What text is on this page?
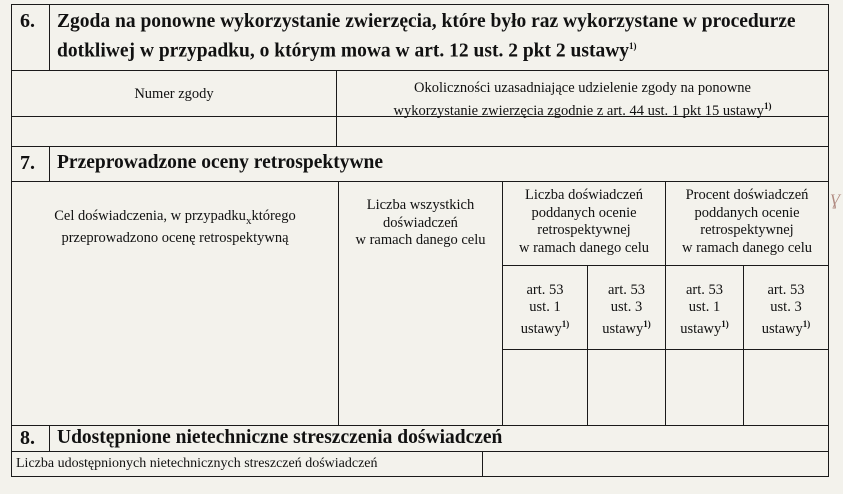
6. Zgoda na ponowne wykorzystanie zwierzęcia, które było raz wykorzystane w procedurze
dotkliwej w przypadku, o którym mowa w art. 12 ust. 2 pkt 2 ustawy$^{1)}$
Numer zgody	Okoliczności uzasadniające udzielenie zgody na ponowne
wykorzystanie zwierzęcia zgodnie z art. 44 ust. 1 pkt 15 ustawy$^{1)}$
7. Przeprowadzone oceny retrospektywne
Cel doświadczenia, w przypadku$_x$którego
przeprowadzono ocenę retrospektywną
Liczba wszystkich
doświadczeń
w ramach danego celu
Liczba doświadczeń
poddanych ocenie
retrospektywnej
w ramach danego celu
Procent doświadczeń
poddanych ocenie
retrospektywnej
w ramach danego celu
art. 53
ust. 1
ustawy$^{1)}$
art. 53
ust. 3
ustawy$^{1)}$
art. 53
ust. 1
ustawy$^{1)}$
art. 53
ust. 3
ustawy$^{1)}$
8. Udostępnione nietechniczne streszczenia doświadczeń
Liczba udostępnionych nietechnicznych streszczeń doświadczeń
Ɣ
